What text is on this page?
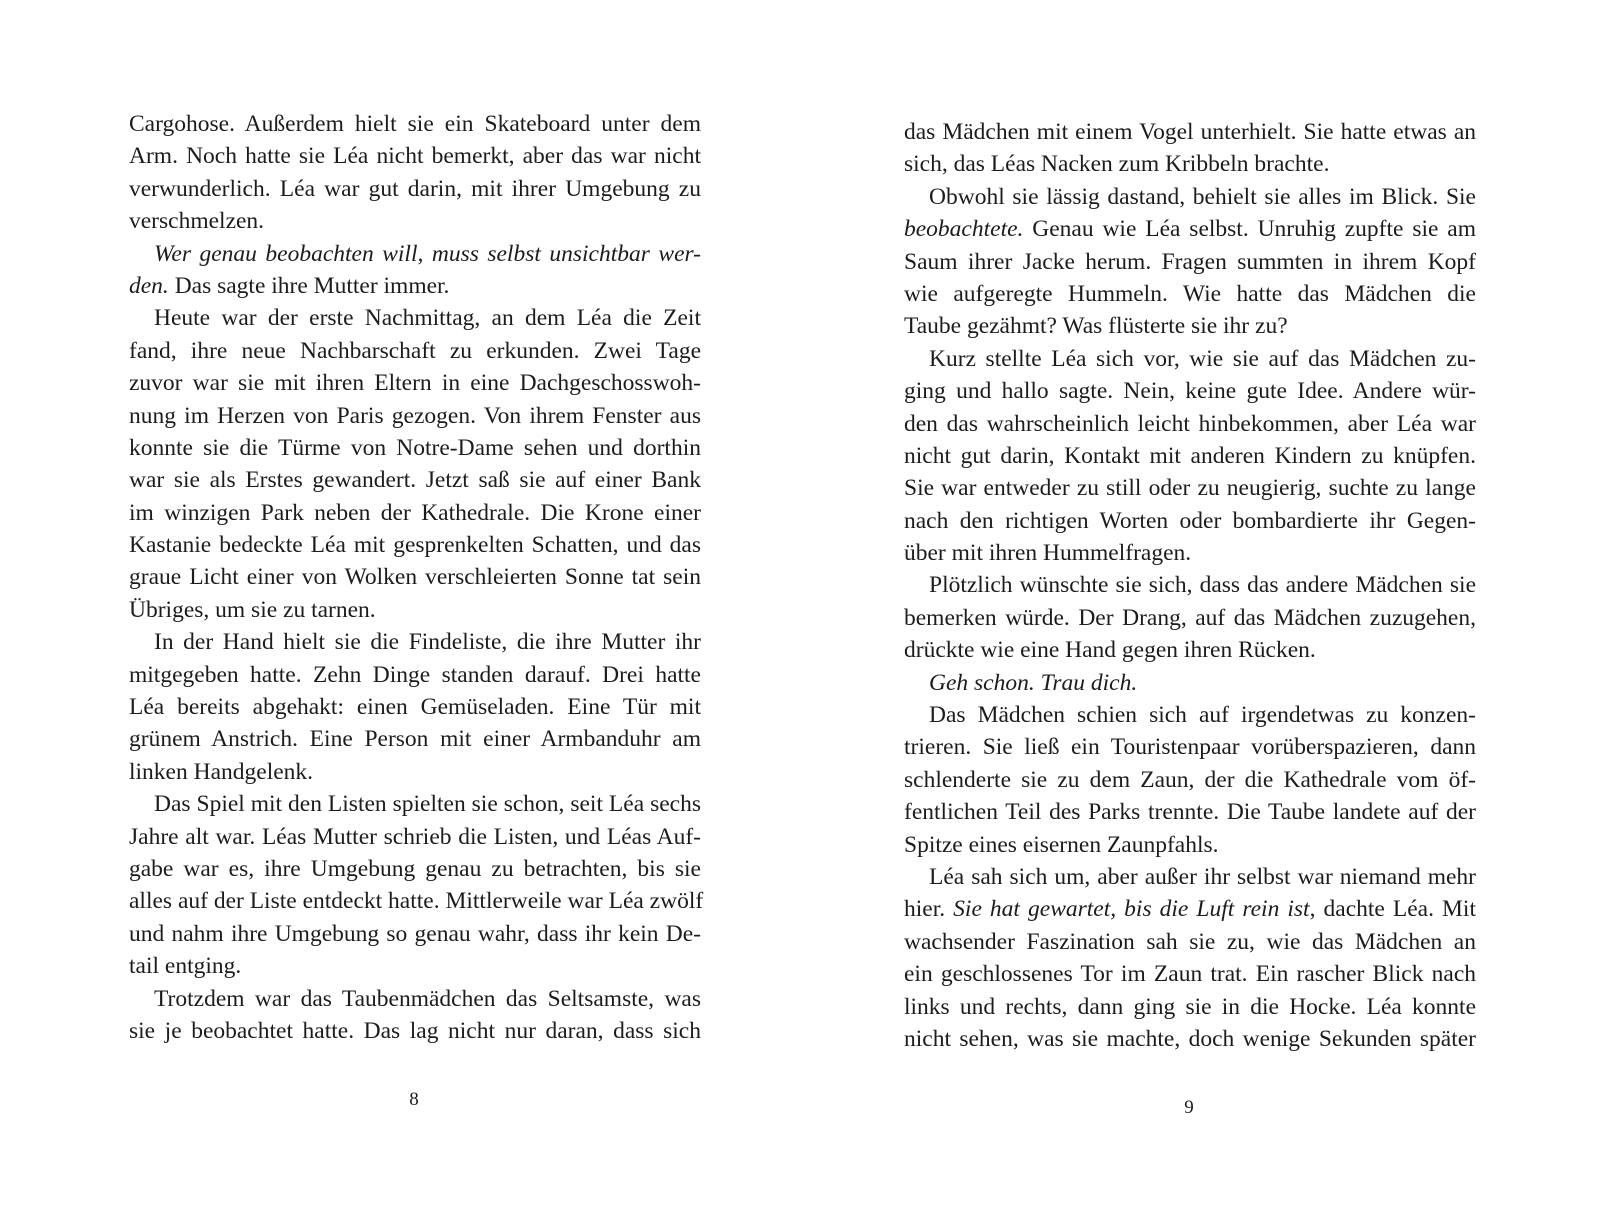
Cargohose. Außerdem hielt sie ein Skateboard unter dem
Arm. Noch hatte sie Léa nicht bemerkt, aber das war nicht
verwunderlich. Léa war gut darin, mit ihrer Umgebung zu
verschmelzen.
Wer genau beobachten will, muss selbst unsichtbar wer-
den. Das sagte ihre Mutter immer.
Heute war der erste Nachmittag, an dem Léa die Zeit
fand, ihre neue Nachbarschaft zu erkunden. Zwei Tage
zuvor war sie mit ihren Eltern in eine Dachgeschosswoh-
nung im Herzen von Paris gezogen. Von ihrem Fenster aus
konnte sie die Türme von Notre-Dame sehen und dorthin
war sie als Erstes gewandert. Jetzt saß sie auf einer Bank
im winzigen Park neben der Kathedrale. Die Krone einer
Kastanie bedeckte Léa mit gesprenkelten Schatten, und das
graue Licht einer von Wolken verschleierten Sonne tat sein
Übriges, um sie zu tarnen.
In der Hand hielt sie die Findeliste, die ihre Mutter ihr
mitgegeben hatte. Zehn Dinge standen darauf. Drei hatte
Léa bereits abgehakt: einen Gemüseladen. Eine Tür mit
grünem Anstrich. Eine Person mit einer Armbanduhr am
linken Handgelenk.
Das Spiel mit den Listen spielten sie schon, seit Léa sechs
Jahre alt war. Léas Mutter schrieb die Listen, und Léas Auf-
gabe war es, ihre Umgebung genau zu betrachten, bis sie
alles auf der Liste entdeckt hatte. Mittlerweile war Léa zwölf
und nahm ihre Umgebung so genau wahr, dass ihr kein De-
tail entging.
Trotzdem war das Taubenmädchen das Seltsamste, was
sie je beobachtet hatte. Das lag nicht nur daran, dass sich
8
das Mädchen mit einem Vogel unterhielt. Sie hatte etwas an
sich, das Léas Nacken zum Kribbeln brachte.
Obwohl sie lässig dastand, behielt sie alles im Blick. Sie
beobachtete. Genau wie Léa selbst. Unruhig zupfte sie am
Saum ihrer Jacke herum. Fragen summten in ihrem Kopf
wie aufgeregte Hummeln. Wie hatte das Mädchen die
Taube gezähmt? Was flüsterte sie ihr zu?
Kurz stellte Léa sich vor, wie sie auf das Mädchen zu-
ging und hallo sagte. Nein, keine gute Idee. Andere wür-
den das wahrscheinlich leicht hinbekommen, aber Léa war
nicht gut darin, Kontakt mit anderen Kindern zu knüpfen.
Sie war entweder zu still oder zu neugierig, suchte zu lange
nach den richtigen Worten oder bombardierte ihr Gegen-
über mit ihren Hummelfragen.
Plötzlich wünschte sie sich, dass das andere Mädchen sie
bemerken würde. Der Drang, auf das Mädchen zuzugehen,
drückte wie eine Hand gegen ihren Rücken.
Geh schon. Trau dich.
Das Mädchen schien sich auf irgendetwas zu konzen-
trieren. Sie ließ ein Touristenpaar vorüberspazieren, dann
schlenderte sie zu dem Zaun, der die Kathedrale vom öf-
fentlichen Teil des Parks trennte. Die Taube landete auf der
Spitze eines eisernen Zaunpfahls.
Léa sah sich um, aber außer ihr selbst war niemand mehr
hier. Sie hat gewartet, bis die Luft rein ist, dachte Léa. Mit
wachsender Faszination sah sie zu, wie das Mädchen an
ein geschlossenes Tor im Zaun trat. Ein rascher Blick nach
links und rechts, dann ging sie in die Hocke. Léa konnte
nicht sehen, was sie machte, doch wenige Sekunden später
9
